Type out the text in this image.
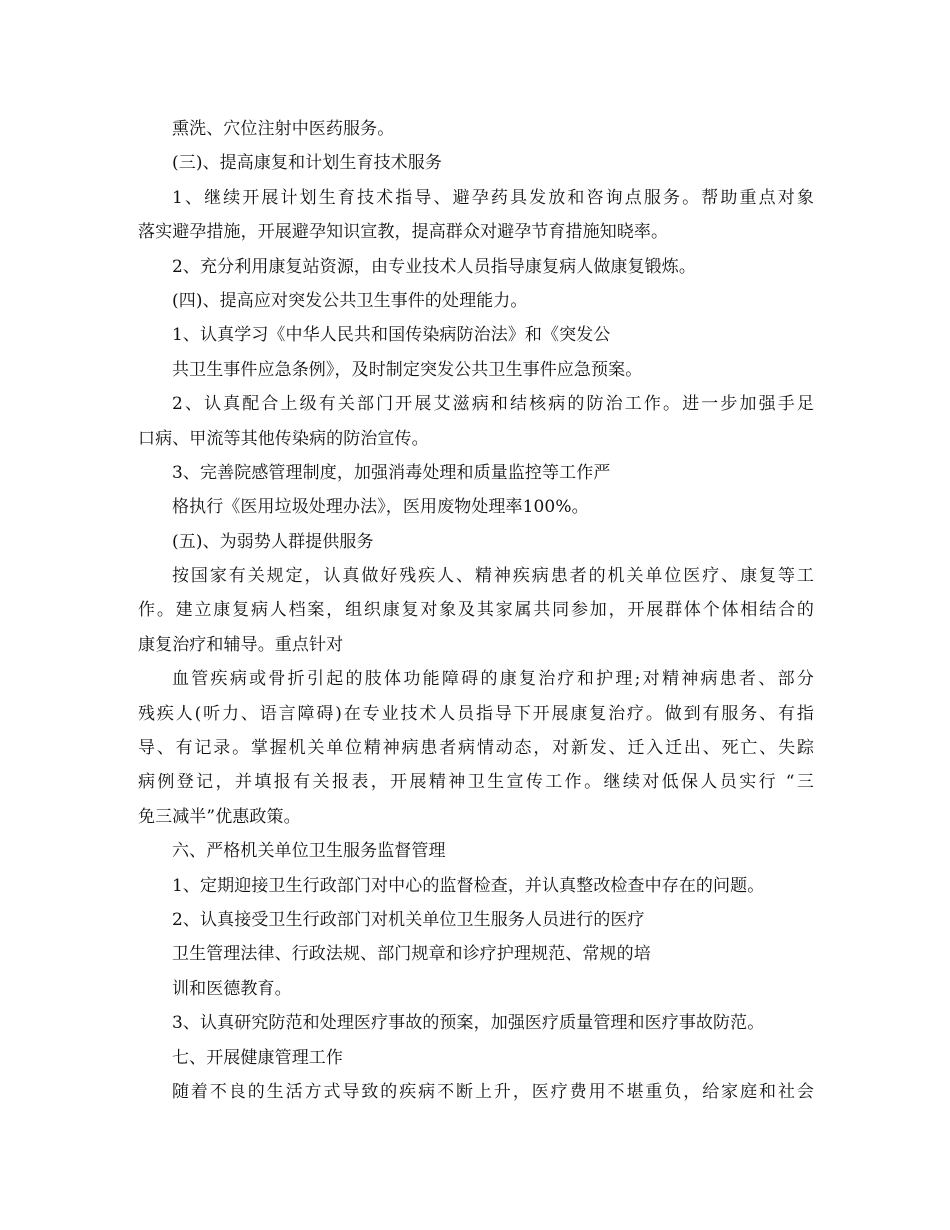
熏洗、穴位注射中医药服务。
(三)、提高康复和计划生育技术服务
1、继续开展计划生育技术指导、避孕药具发放和咨询点服务。帮助重点对象
落实避孕措施，开展避孕知识宣教，提高群众对避孕节育措施知晓率。
2、充分利用康复站资源，由专业技术人员指导康复病人做康复锻炼。
(四)、提高应对突发公共卫生事件的处理能力。
1、认真学习《中华人民共和国传染病防治法》和《突发公
共卫生事件应急条例》，及时制定突发公共卫生事件应急预案。
2、认真配合上级有关部门开展艾滋病和结核病的防治工作。进一步加强手足
口病、甲流等其他传染病的防治宣传。
3、完善院感管理制度，加强消毒处理和质量监控等工作严
格执行《医用垃圾处理办法》，医用废物处理率100%。
(五)、为弱势人群提供服务
按国家有关规定，认真做好残疾人、精神疾病患者的机关单位医疗、康复等工
作。建立康复病人档案，组织康复对象及其家属共同参加，开展群体个体相结合的
康复治疗和辅导。重点针对
血管疾病或骨折引起的肢体功能障碍的康复治疗和护理;对精神病患者、部分
残疾人(听力、语言障碍)在专业技术人员指导下开展康复治疗。做到有服务、有指
导、有记录。掌握机关单位精神病患者病情动态，对新发、迁入迁出、死亡、失踪
病例登记，并填报有关报表，开展精神卫生宣传工作。继续对低保人员实行 “三
免三减半”优惠政策。
六、严格机关单位卫生服务监督管理
1、定期迎接卫生行政部门对中心的监督检查，并认真整改检查中存在的问题。
2、认真接受卫生行政部门对机关单位卫生服务人员进行的医疗
卫生管理法律、行政法规、部门规章和诊疗护理规范、常规的培
训和医德教育。
3、认真研究防范和处理医疗事故的预案，加强医疗质量管理和医疗事故防范。
七、开展健康管理工作
随着不良的生活方式导致的疾病不断上升，医疗费用不堪重负，给家庭和社会
